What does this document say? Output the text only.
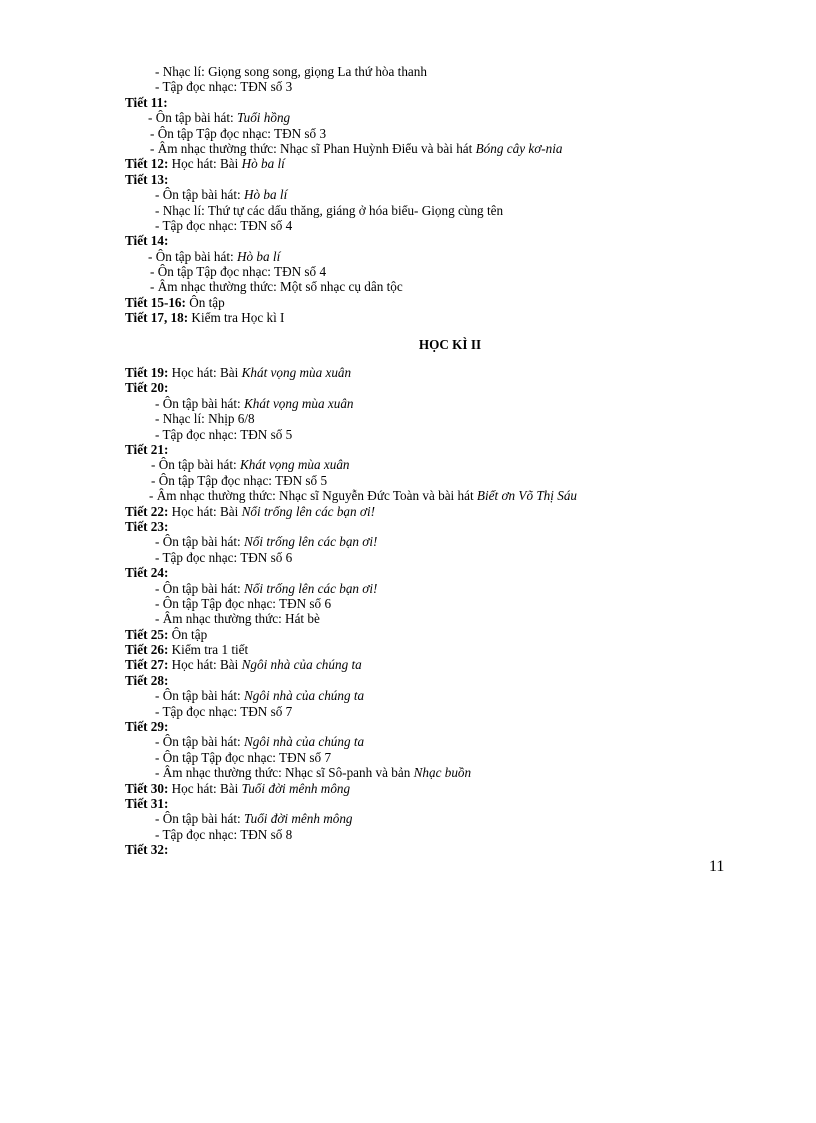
- Nhạc lí: Giọng song song, giọng La thứ hòa thanh
- Tập đọc nhạc: TĐN số 3
Tiết 11:
- Ôn tập bài hát: Tuổi hồng
- Ôn tập Tập đọc nhạc: TĐN số 3
- Âm nhạc thường thức: Nhạc sĩ Phan Huỳnh Điểu và bài hát Bóng cây kơ-nia
Tiết 12: Học hát: Bài Hò ba lí
Tiết 13:
- Ôn tập bài hát: Hò ba lí
- Nhạc lí: Thứ tự các dấu thăng, giáng ở hóa biểu- Giọng cùng tên
- Tập đọc nhạc: TĐN số 4
Tiết 14:
- Ôn tập bài hát: Hò ba lí
- Ôn tập Tập đọc nhạc: TĐN số 4
- Âm nhạc thường thức: Một số nhạc cụ dân tộc
Tiết 15-16: Ôn tập
Tiết 17, 18: Kiểm tra Học kì I
HỌC KÌ II
Tiết 19: Học hát: Bài Khát vọng mùa xuân
Tiết 20:
- Ôn tập bài hát: Khát vọng mùa xuân
- Nhạc lí: Nhịp 6/8
- Tập đọc nhạc: TĐN số 5
Tiết 21:
- Ôn tập bài hát: Khát vọng mùa xuân
- Ôn tập Tập đọc nhạc: TĐN số 5
- Âm nhạc thường thức: Nhạc sĩ Nguyễn Đức Toàn và bài hát Biết ơn Võ Thị Sáu
Tiết 22: Học hát: Bài Nổi trống lên các bạn ơi!
Tiết 23:
- Ôn tập bài hát: Nổi trống lên các bạn ơi!
- Tập đọc nhạc: TĐN số 6
Tiết 24:
- Ôn tập bài hát: Nổi trống lên các bạn ơi!
- Ôn tập Tập đọc nhạc: TĐN số 6
- Âm nhạc thường thức: Hát bè
Tiết 25: Ôn tập
Tiết 26: Kiểm tra 1 tiết
Tiết 27: Học hát: Bài Ngôi nhà của chúng ta
Tiết 28:
- Ôn tập bài hát: Ngôi nhà của chúng ta
- Tập đọc nhạc: TĐN số 7
Tiết 29:
- Ôn tập bài hát: Ngôi nhà của chúng ta
- Ôn tập Tập đọc nhạc: TĐN số 7
- Âm nhạc thường thức: Nhạc sĩ Sô-panh và bản Nhạc buồn
Tiết 30: Học hát: Bài Tuổi đời mênh mông
Tiết 31:
- Ôn tập bài hát: Tuổi đời mênh mông
- Tập đọc nhạc: TĐN số 8
Tiết 32:
11
